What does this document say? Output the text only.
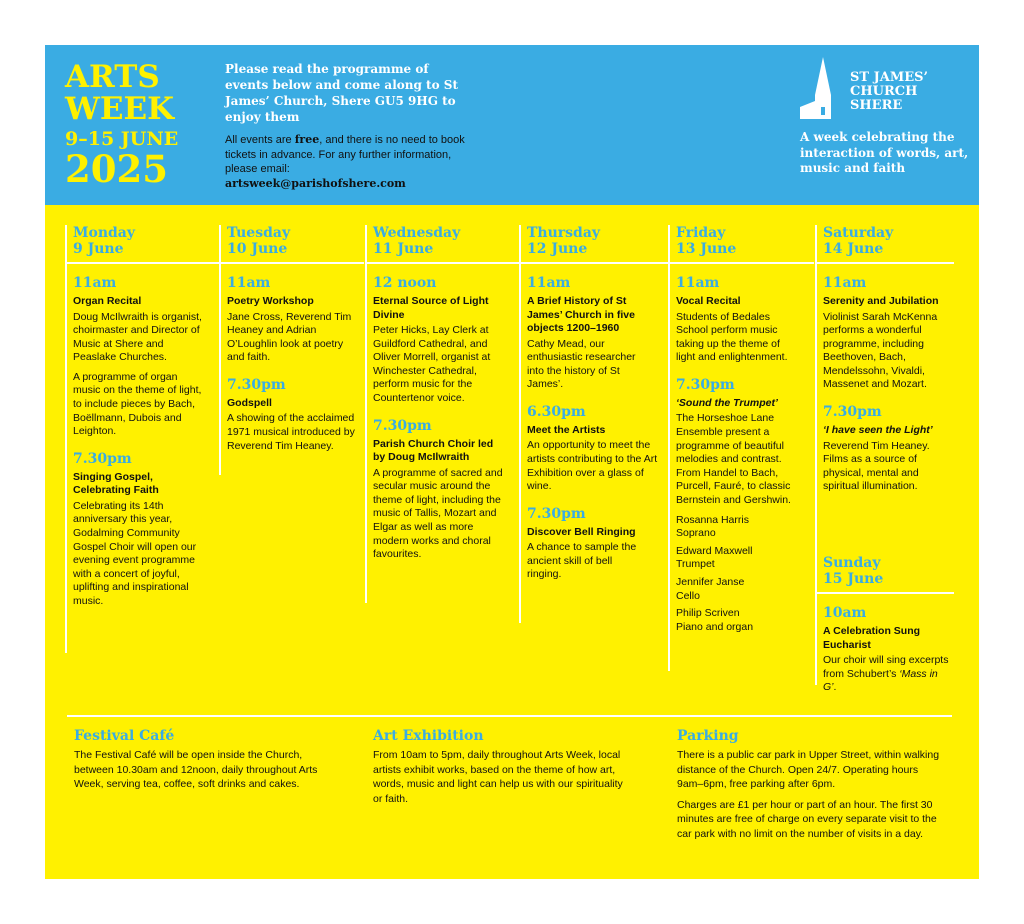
ARTS
WEEK
9–15 JUNE
2025

Please read the programme of events below and come along to St James’ Church, Shere GU5 9HG to enjoy them

All events are free, and there is no need to book tickets in advance. For any further information, please email:

artsweek@parishofshere.com
ST JAMES’
CHURCH
SHERE
A week celebrating the interaction of words, art, music and faith
Monday
9 June
11am
Organ Recital
Doug McIlwraith is organist, choirmaster and Director of Music at Shere and Peaslake Churches.
A programme of organ music on the theme of light, to include pieces by Bach, Boëllmann, Dubois and Leighton.
7.30pm
Singing Gospel, Celebrating Faith
Celebrating its 14th anniversary this year, Godalming Community Gospel Choir will open our evening event programme with a concert of joyful, uplifting and inspirational music.
Tuesday
10 June
11am
Poetry Workshop
Jane Cross, Reverend Tim Heaney and Adrian O’Loughlin look at poetry and faith.
7.30pm
Godspell
A showing of the acclaimed 1971 musical introduced by Reverend Tim Heaney.
Wednesday
11 June
12 noon
Eternal Source of Light Divine
Peter Hicks, Lay Clerk at Guildford Cathedral, and Oliver Morrell, organist at Winchester Cathedral, perform music for the Countertenor voice.
7.30pm
Parish Church Choir led by Doug McIlwraith
A programme of sacred and secular music around the theme of light, including the music of Tallis, Mozart and Elgar as well as more modern works and choral favourites.
Thursday
12 June
11am
A Brief History of St James’ Church in five objects 1200–1960
Cathy Mead, our enthusiastic researcher into the history of St James’.
6.30pm
Meet the Artists
An opportunity to meet the artists contributing to the Art Exhibition over a glass of wine.
7.30pm
Discover Bell Ringing
A chance to sample the ancient skill of bell ringing.
Friday
13 June
11am
Vocal Recital
Students of Bedales School perform music taking up the theme of light and enlightenment.
7.30pm
‘Sound the Trumpet’
The Horseshoe Lane Ensemble present a programme of beautiful melodies and contrast. From Handel to Bach, Purcell, Fauré, to classic Bernstein and Gershwin.
Rosanna Harris
Soprano
Edward Maxwell
Trumpet
Jennifer Janse
Cello
Philip Scriven
Piano and organ
Saturday
14 June
11am
Serenity and Jubilation
Violinist Sarah McKenna performs a wonderful programme, including Beethoven, Bach, Mendelssohn, Vivaldi, Massenet and Mozart.
7.30pm
‘I have seen the Light’
Reverend Tim Heaney. Films as a source of physical, mental and spiritual illumination.
Sunday
15 June
10am
A Celebration Sung Eucharist
Our choir will sing excerpts from Schubert’s ‘Mass in G’.
Festival Café
The Festival Café will be open inside the Church, between 10.30am and 12noon, daily throughout Arts Week, serving tea, coffee, soft drinks and cakes.
Art Exhibition
From 10am to 5pm, daily throughout Arts Week, local artists exhibit works, based on the theme of how art, words, music and light can help us with our spirituality or faith.
Parking
There is a public car park in Upper Street, within walking distance of the Church. Open 24/7. Operating hours 9am–6pm, free parking after 6pm.
Charges are £1 per hour or part of an hour. The first 30 minutes are free of charge on every separate visit to the car park with no limit on the number of visits in a day.
